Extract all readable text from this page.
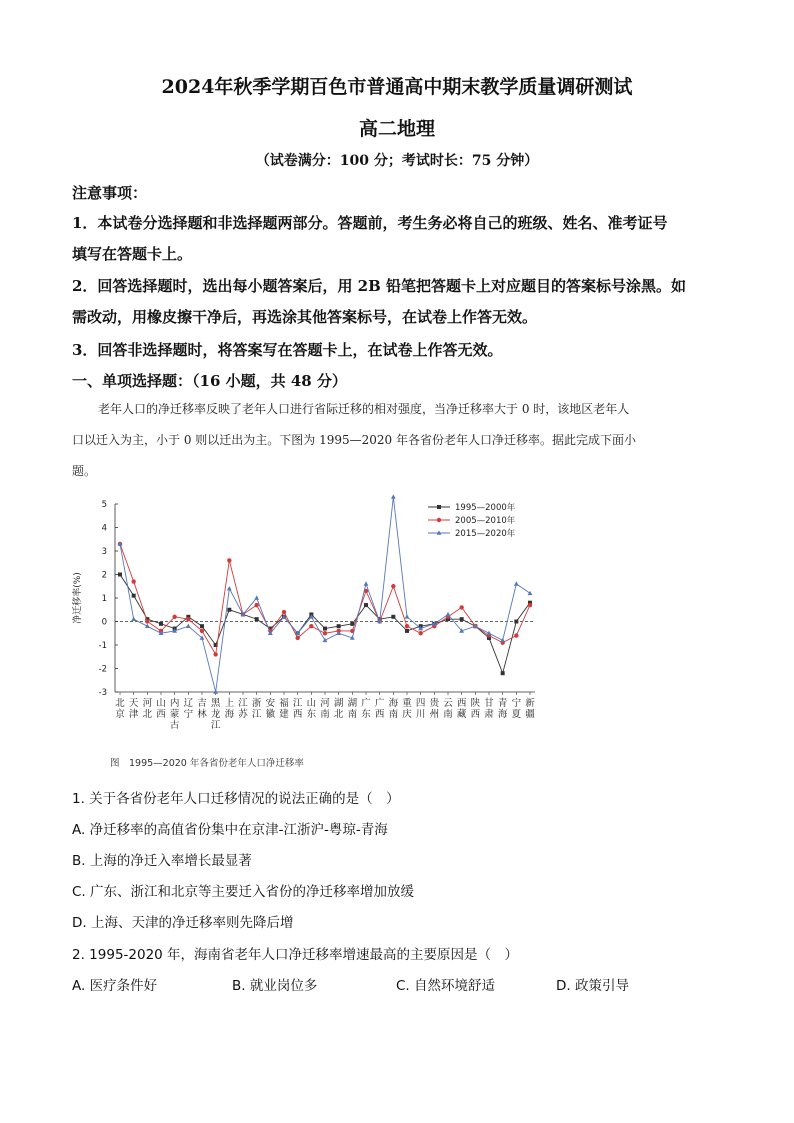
2024年秋季学期百色市普通高中期末教学质量调研测试
高二地理
（试卷满分：100 分；考试时长：75 分钟）
注意事项：
1．本试卷分选择题和非选择题两部分。答题前，考生务必将自己的班级、姓名、准考证号
填写在答题卡上。
2．回答选择题时，选出每小题答案后，用 2B 铅笔把答题卡上对应题目的答案标号涂黑。如
需改动，用橡皮擦干净后，再选涂其他答案标号，在试卷上作答无效。
3．回答非选择题时，将答案写在答题卡上，在试卷上作答无效。
一、单项选择题：（16 小题，共 48 分）
老年人口的净迁移率反映了老年人口进行省际迁移的相对强度，当净迁移率大于 0 时，该地区老年人
口以迁入为主，小于 0 则以迁出为主。下图为 1995—2020 年各省份老年人口净迁移率。据此完成下面小
题。
-3
-2
-1
0
1
2
3
4
5
净迁移率(%)
北
京
天
津
河
北
山
西
内
蒙
古
辽
宁
吉
林
黑
龙
江
上
海
江
苏
浙
江
安
徽
福
建
江
西
山
东
河
南
湖
北
湖
南
广
东
广
西
海
南
重
庆
四
川
贵
州
云
南
西
藏
陕
西
甘
肃
青
海
宁
夏
新
疆
1995—2000年
2005—2010年
2015—2020年
图　1995—2020 年各省份老年人口净迁移率
1. 关于各省份老年人口迁移情况的说法正确的是（　）
A. 净迁移率的高值省份集中在京津-江浙沪-粤琼-青海
B. 上海的净迁入率增长最显著
C. 广东、浙江和北京等主要迁入省份的净迁移率增加放缓
D. 上海、天津的净迁移率则先降后增
2. 1995-2020 年，海南省老年人口净迁移率增速最高的主要原因是（　）
A. 医疗条件好	B. 就业岗位多	C. 自然环境舒适	D. 政策引导
